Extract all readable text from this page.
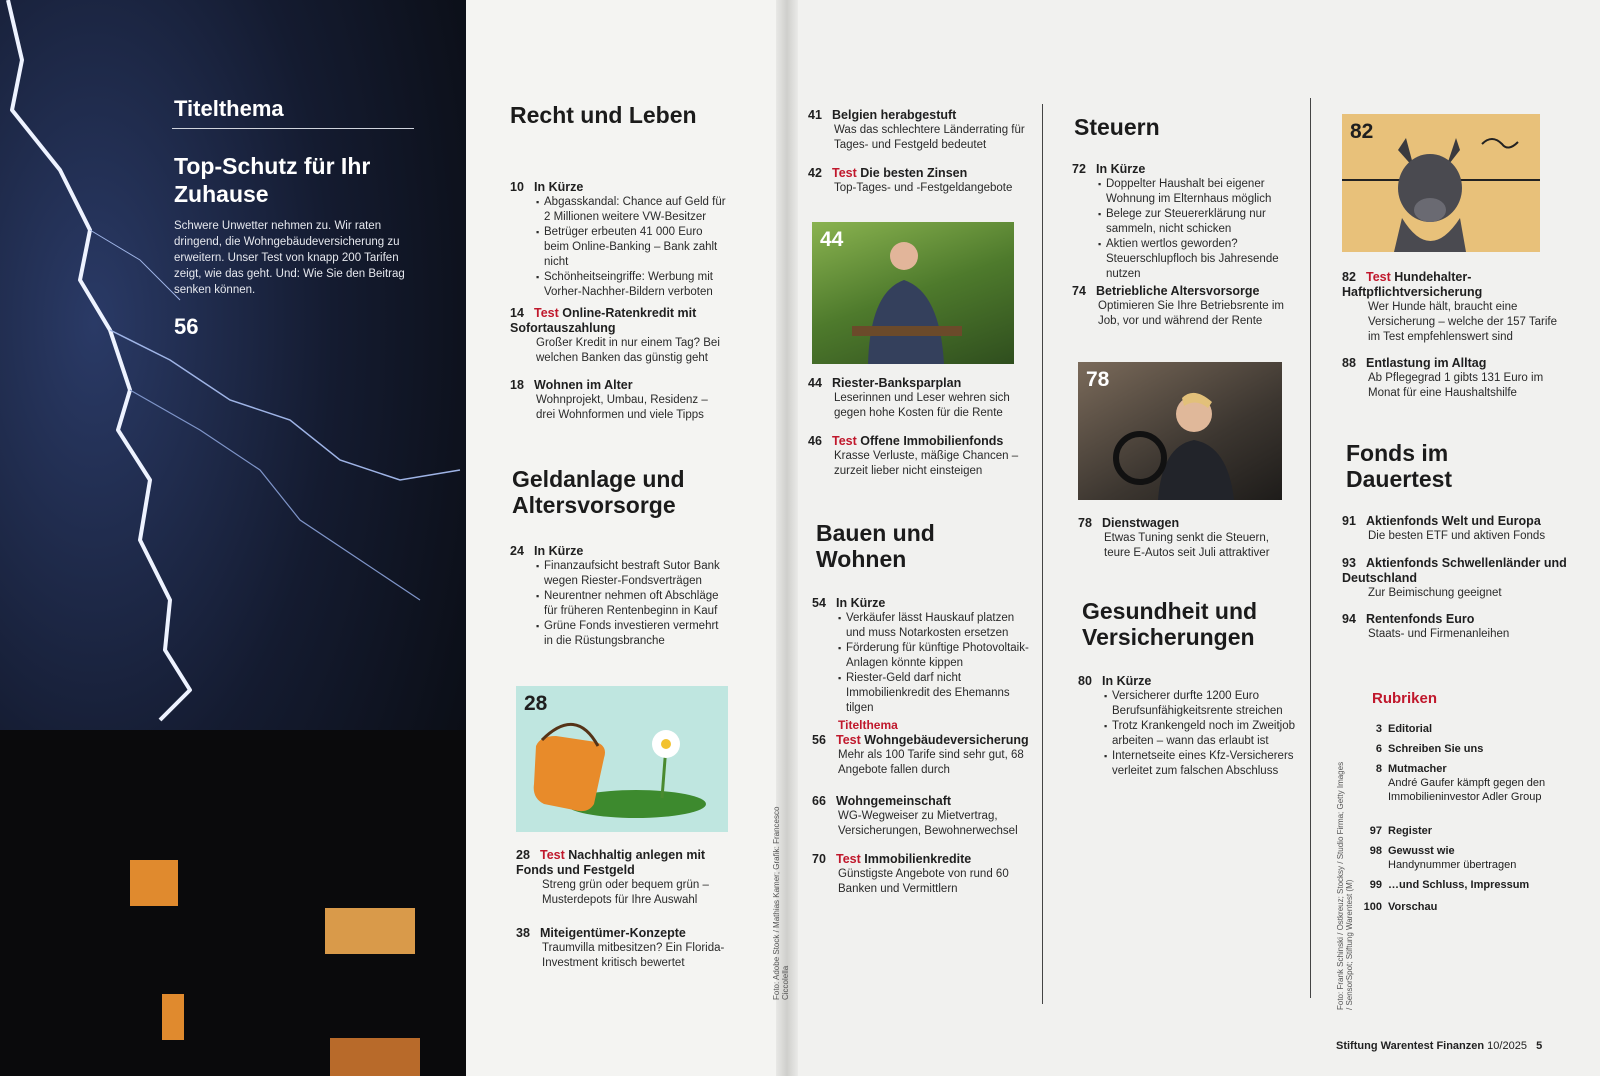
Titelthema
Top-Schutz für Ihr Zuhause
Schwere Unwetter nehmen zu. Wir raten dringend, die Wohngebäudeversicherung zu erweitern. Unser Test von knapp 200 Tarifen zeigt, wie das geht. Und: Wie Sie den Beitrag senken können.
56
Recht und Leben
10 In Kürze
▪ Abgasskandal: Chance auf Geld für 2 Millionen weitere VW-Besitzer
▪ Betrüger erbeuten 41 000 Euro beim Online-Banking – Bank zahlt nicht
▪ Schönheitseingriffe: Werbung mit Vorher-Nachher-Bildern verboten
14 Test Online-Ratenkredit mit Sofortauszahlung
Großer Kredit in nur einem Tag? Bei welchen Banken das günstig geht
18 Wohnen im Alter
Wohnprojekt, Umbau, Residenz – drei Wohnformen und viele Tipps
Geldanlage und Altersvorsorge
24 In Kürze
▪ Finanzaufsicht bestraft Sutor Bank wegen Riester-Fondsverträgen
▪ Neurentner nehmen oft Abschläge für früheren Rentenbeginn in Kauf
▪ Grüne Fonds investieren vermehrt in die Rüstungsbranche
28
28 Test Nachhaltig anlegen mit Fonds und Festgeld
Streng grün oder bequem grün – Musterdepots für Ihre Auswahl
38 Miteigentümer-Konzepte
Traumvilla mitbesitzen? Ein Florida-Investment kritisch bewertet	Foto: Adobe Stock / Mathias Kamer; Grafik: Francesco Ciccolella
41 Belgien herabgestuft
Was das schlechtere Länderrating für Tages- und Festgeld bedeutet
42 Test Die besten Zinsen
Top-Tages- und -Festgeldangebote
44
44 Riester-Banksparplan
Leserinnen und Leser wehren sich gegen hohe Kosten für die Rente
46 Test Offene Immobilienfonds
Krasse Verluste, mäßige Chancen – zurzeit lieber nicht einsteigen
Bauen und Wohnen
54 In Kürze
▪ Verkäufer lässt Hauskauf platzen und muss Notarkosten ersetzen
▪ Förderung für künftige Photovoltaik-Anlagen könnte kippen
▪ Riester-Geld darf nicht Immobilienkredit des Ehemanns tilgen
Titelthema
56 Test Wohngebäudeversicherung
Mehr als 100 Tarife sind sehr gut, 68 Angebote fallen durch
66 Wohngemeinschaft
WG-Wegweiser zu Mietvertrag, Versicherungen, Bewohnerwechsel
70 Test Immobilienkredite
Günstigste Angebote von rund 60 Banken und Vermittlern
Steuern
72 In Kürze
▪ Doppelter Haushalt bei eigener Wohnung im Elternhaus möglich
▪ Belege zur Steuererklärung nur sammeln, nicht schicken
▪ Aktien wertlos geworden? Steuerschlupfloch bis Jahresende nutzen
74 Betriebliche Altersvorsorge
Optimieren Sie Ihre Betriebsrente im Job, vor und während der Rente
78
78 Dienstwagen
Etwas Tuning senkt die Steuern, teure E-Autos seit Juli attraktiver
Gesundheit und Versicherungen
80 In Kürze
▪ Versicherer durfte 1200 Euro Berufsunfähigkeitsrente streichen
▪ Trotz Krankengeld noch im Zweitjob arbeiten – wann das erlaubt ist
▪ Internetseite eines Kfz-Versicherers verleitet zum falschen Abschluss	Foto: Frank Schinski / Ostkreuz; Stocksy / Studio Firma; Getty Images / SensorSpot; Stiftung Warentest (M)
82
82 Test Hundehalter-Haftpflichtversicherung
Wer Hunde hält, braucht eine Versicherung – welche der 157 Tarife im Test empfehlenswert sind
88 Entlastung im Alltag
Ab Pflegegrad 1 gibts 131 Euro im Monat für eine Haushaltshilfe
Fonds im Dauertest
91 Aktienfonds Welt und Europa
Die besten ETF und aktiven Fonds
93 Aktienfonds Schwellenländer und Deutschland
Zur Beimischung geeignet
94 Rentenfonds Euro
Staats- und Firmenanleihen
Rubriken
3 Editorial
6 Schreiben Sie uns
8 Mutmacher
André Gaufer kämpft gegen den Immobilieninvestor Adler Group
97 Register
98 Gewusst wie
Handynummer übertragen
99 …und Schluss, Impressum
100 Vorschau
Stiftung Warentest Finanzen 10/2025 5
